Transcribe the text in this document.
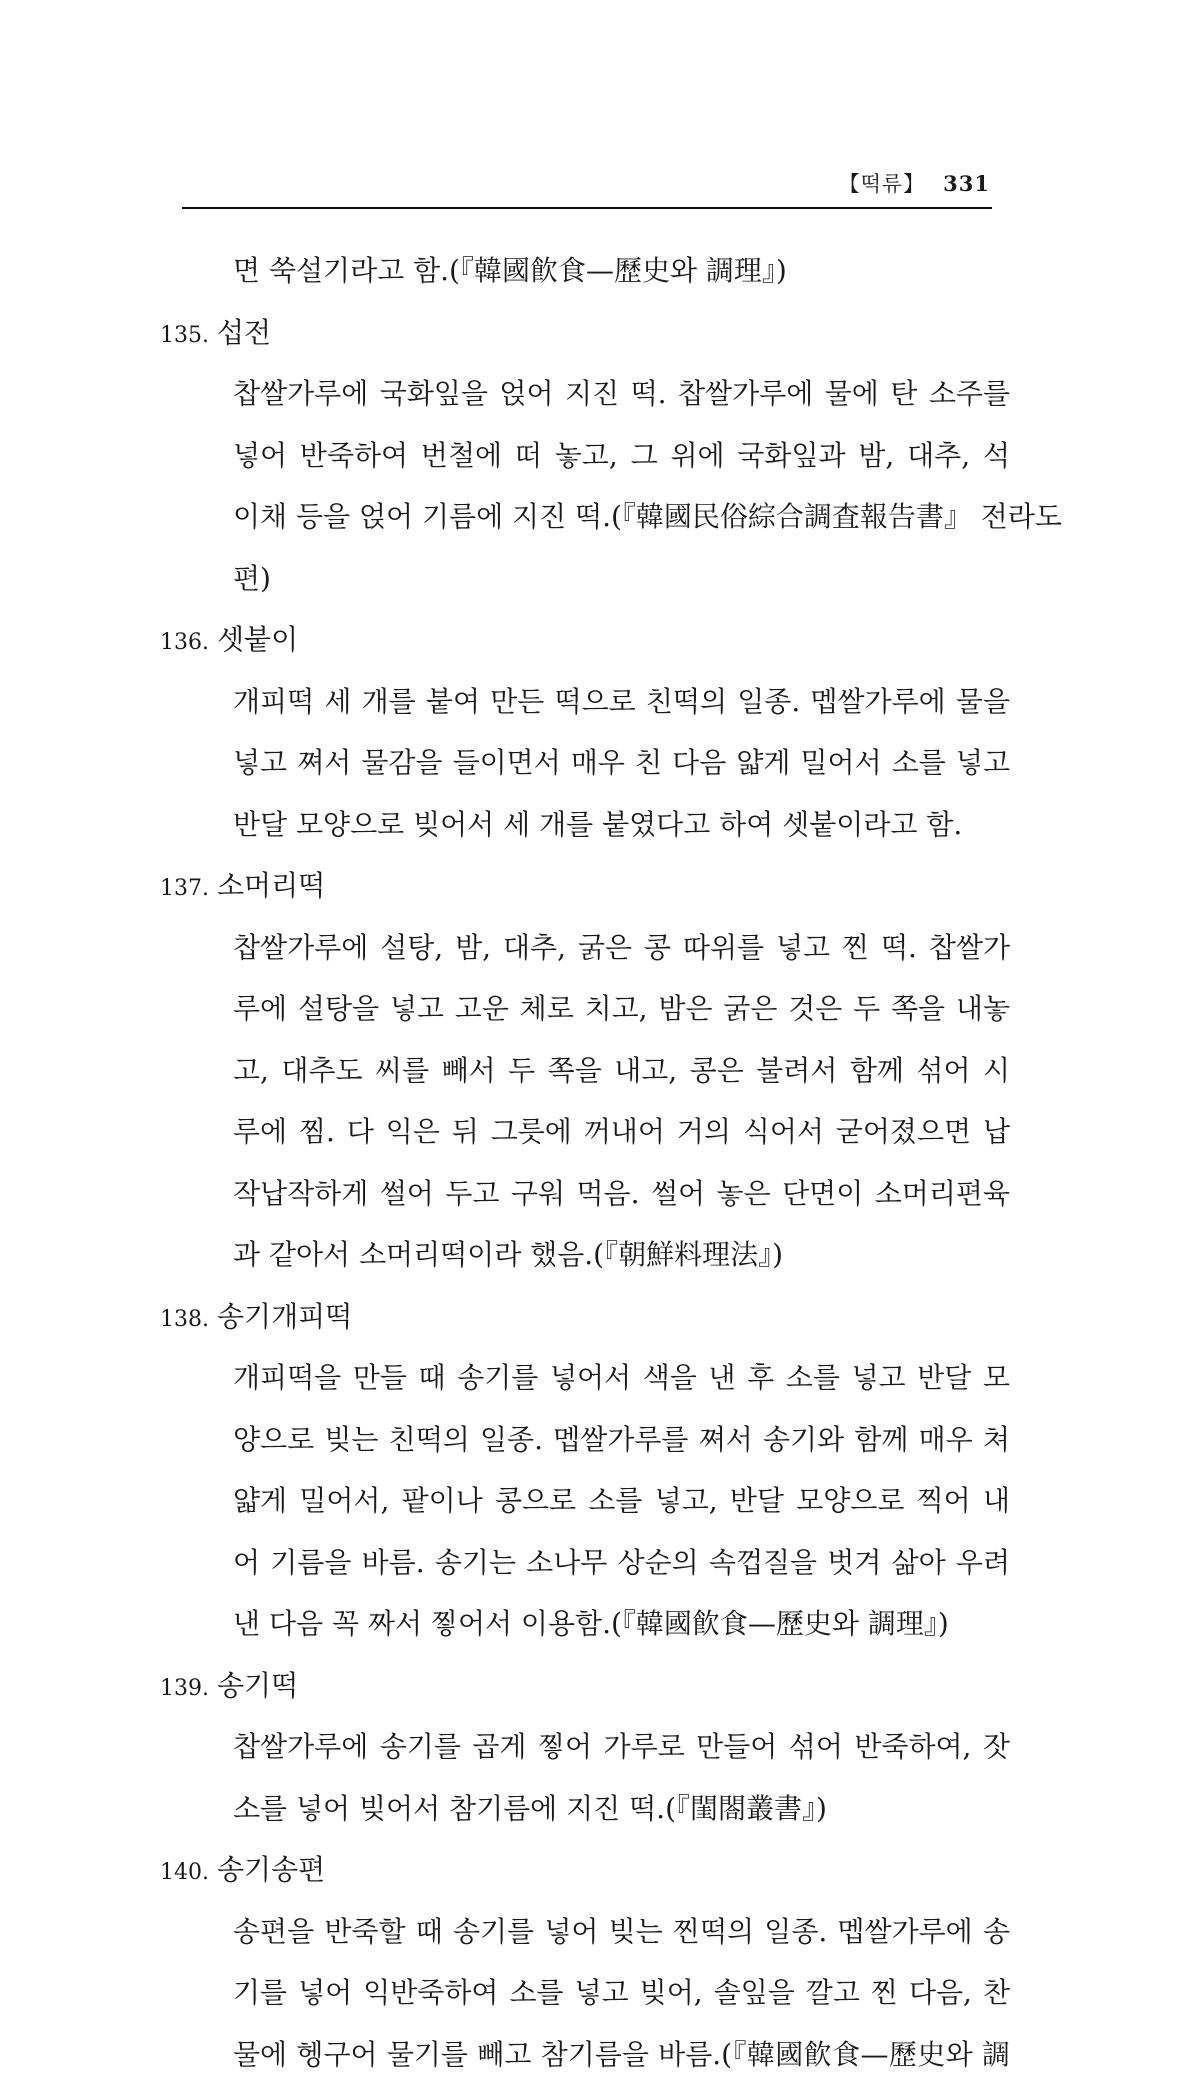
【떡류】 331
면 쑥설기라고 함.(『韓國飮食—歷史와 調理』)
135. 섭전
찹쌀가루에 국화잎을 얹어 지진 떡. 찹쌀가루에 물에 탄 소주를
넣어 반죽하여 번철에 떠 놓고, 그 위에 국화잎과 밤, 대추, 석
이채 등을 얹어 기름에 지진 떡.(『韓國民俗綜合調査報告書』 전라도
편)
136. 셋붙이
개피떡 세 개를 붙여 만든 떡으로 친떡의 일종. 멥쌀가루에 물을
넣고 쪄서 물감을 들이면서 매우 친 다음 얇게 밀어서 소를 넣고
반달 모양으로 빚어서 세 개를 붙였다고 하여 셋붙이라고 함.
137. 소머리떡
찹쌀가루에 설탕, 밤, 대추, 굵은 콩 따위를 넣고 찐 떡. 찹쌀가
루에 설탕을 넣고 고운 체로 치고, 밤은 굵은 것은 두 쪽을 내놓
고, 대추도 씨를 빼서 두 쪽을 내고, 콩은 불려서 함께 섞어 시
루에 찜. 다 익은 뒤 그릇에 꺼내어 거의 식어서 굳어졌으면 납
작납작하게 썰어 두고 구워 먹음. 썰어 놓은 단면이 소머리편육
과 같아서 소머리떡이라 했음.(『朝鮮料理法』)
138. 송기개피떡
개피떡을 만들 때 송기를 넣어서 색을 낸 후 소를 넣고 반달 모
양으로 빚는 친떡의 일종. 멥쌀가루를 쪄서 송기와 함께 매우 쳐
얇게 밀어서, 팥이나 콩으로 소를 넣고, 반달 모양으로 찍어 내
어 기름을 바름. 송기는 소나무 상순의 속껍질을 벗겨 삶아 우려
낸 다음 꼭 짜서 찧어서 이용함.(『韓國飮食—歷史와 調理』)
139. 송기떡
찹쌀가루에 송기를 곱게 찧어 가루로 만들어 섞어 반죽하여, 잣
소를 넣어 빚어서 참기름에 지진 떡.(『閨閤叢書』)
140. 송기송편
송편을 반죽할 때 송기를 넣어 빚는 찐떡의 일종. 멥쌀가루에 송
기를 넣어 익반죽하여 소를 넣고 빚어, 솔잎을 깔고 찐 다음, 찬
물에 헹구어 물기를 빼고 참기름을 바름.(『韓國飮食—歷史와 調
